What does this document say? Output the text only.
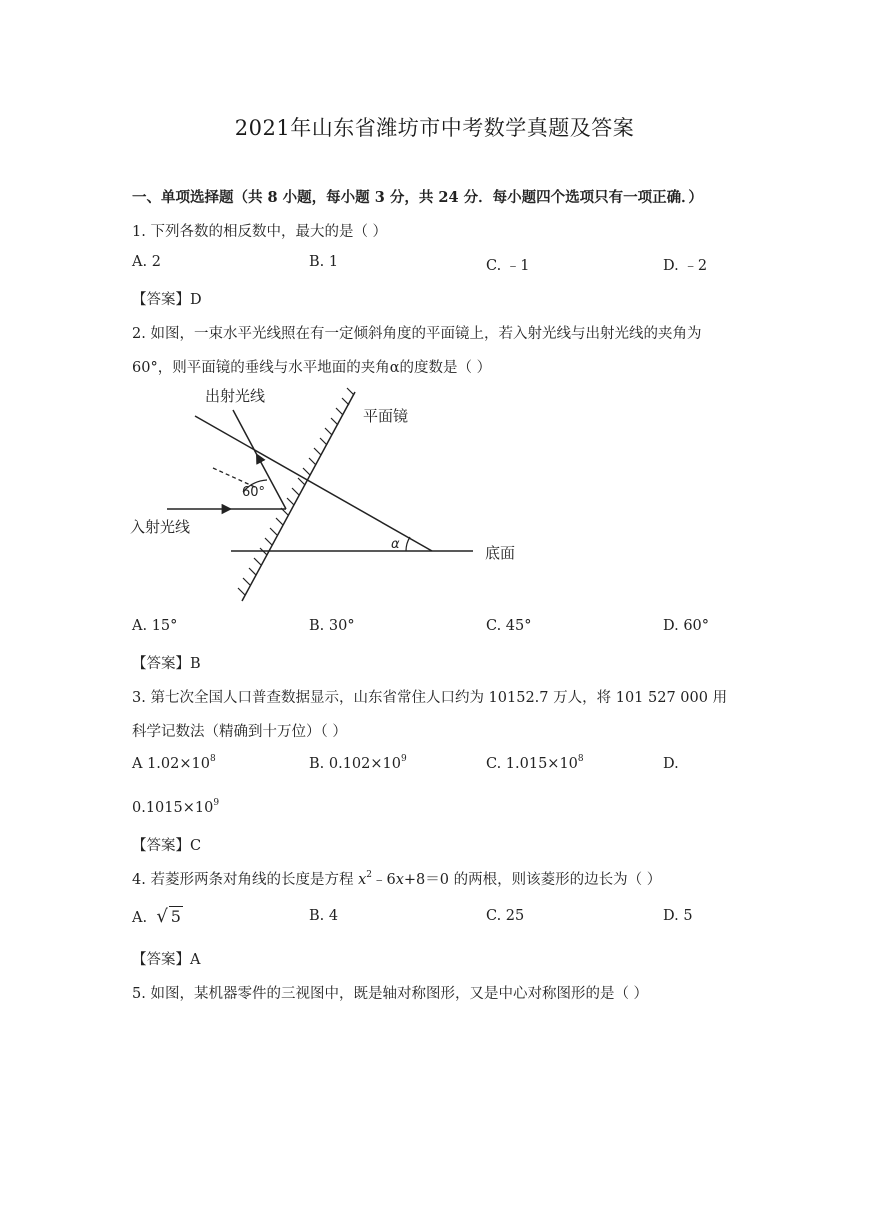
2021年山东省潍坊市中考数学真题及答案
一、单项选择题（共 8 小题，每小题 3 分，共 24 分．每小题四个选项只有一项正确．）
1. 下列各数的相反数中，最大的是（ ）
A. 2	B. 1	C. ﹣1	D. ﹣2
【答案】D
2. 如图，一束水平光线照在有一定倾斜角度的平面镜上，若入射光线与出射光线的夹角为
60°，则平面镜的垂线与水平地面的夹角α的度数是（ ）
出射光线
平面镜
60°
入射光线
α	底面
A. 15°	B. 30°	C. 45°	D. 60°
【答案】B
3. 第七次全国人口普查数据显示，山东省常住人口约为 10152.7 万人，将 101 527 000 用
科学记数法（精确到十万位）（ ）
A $1.02\times 10^8$	B. $0.102\times 10^9$	C. $1.015\times 10^8$	D.
$0.1015\times 10^9$
【答案】C
4. 若菱形两条对角线的长度是方程 $x^2﹣6x+8=0$ 的两根，则该菱形的边长为（ ）
A. √ 5	B. 4	C. 25	D. 5
【答案】A
5. 如图，某机器零件的三视图中，既是轴对称图形，又是中心对称图形的是（ ）
